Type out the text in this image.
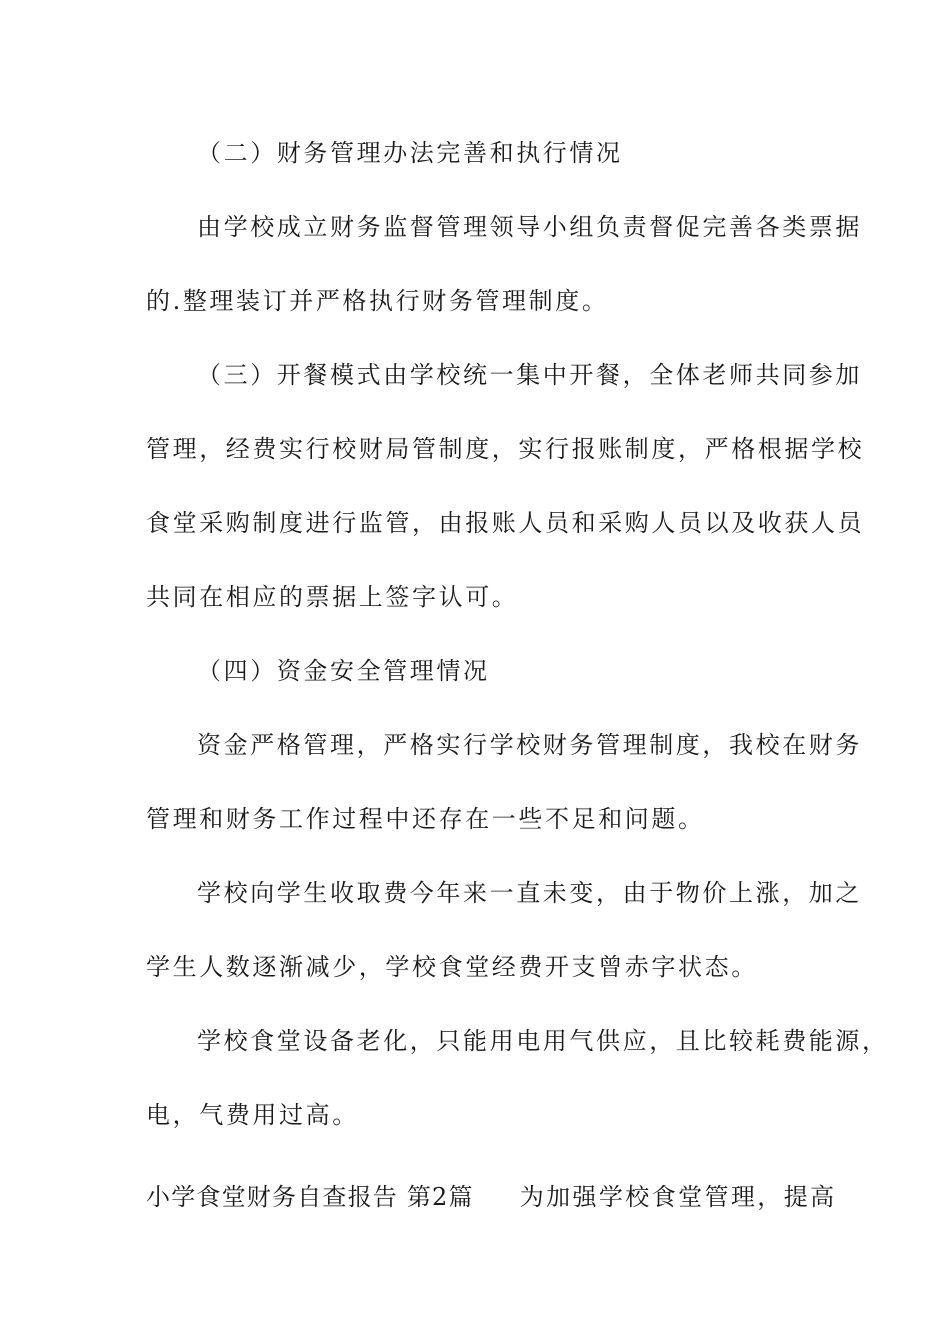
（二）财务管理办法完善和执行情况
由学校成立财务监督管理领导小组负责督促完善各类票据
的.整理装订并严格执行财务管理制度。
（三）开餐模式由学校统一集中开餐，全体老师共同参加
管理，经费实行校财局管制度，实行报账制度，严格根据学校
食堂采购制度进行监管，由报账人员和采购人员以及收获人员
共同在相应的票据上签字认可。
（四）资金安全管理情况
资金严格管理，严格实行学校财务管理制度，我校在财务
管理和财务工作过程中还存在一些不足和问题。
学校向学生收取费今年来一直未变，由于物价上涨，加之
学生人数逐渐减少，学校食堂经费开支曾赤字状态。
学校食堂设备老化，只能用电用气供应，且比较耗费能源，
电，气费用过高。
小学食堂财务自查报告 第2篇 为加强学校食堂管理，提高
